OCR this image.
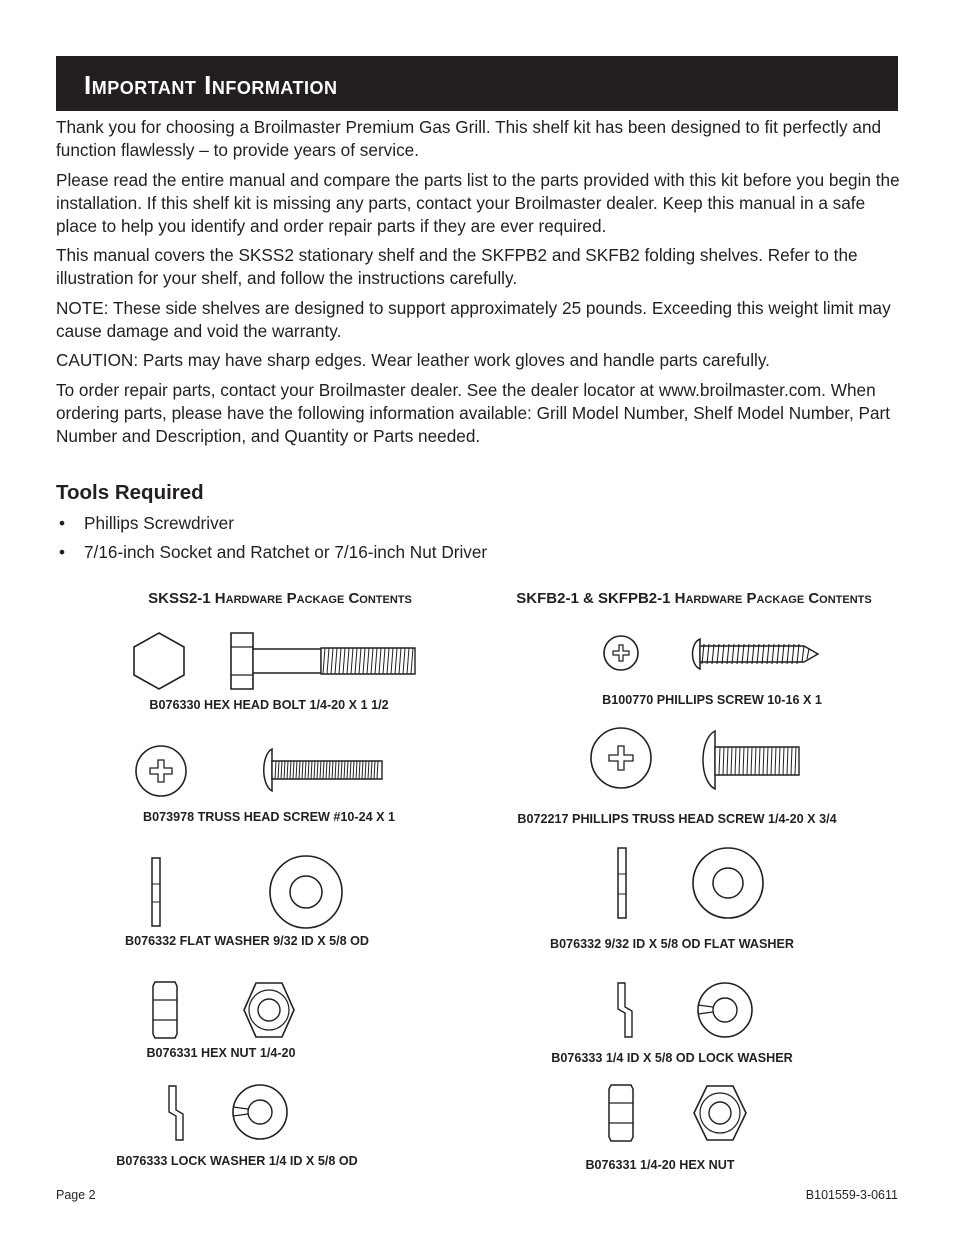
Important Information

Thank you for choosing a Broilmaster Premium Gas Grill. This shelf kit has been designed to fit perfectly and function flawlessly – to provide years of service.

Please read the entire manual and compare the parts list to the parts provided with this kit before you begin the installation. If this shelf kit is missing any parts, contact your Broilmaster dealer. Keep this manual in a safe place to help you identify and order repair parts if they are ever required.

This manual covers the SKSS2 stationary shelf and the SKFPB2 and SKFB2 folding shelves. Refer to the illustration for your shelf, and follow the instructions carefully.

NOTE: These side shelves are designed to support approximately 25 pounds. Exceeding this weight limit may cause damage and void the warranty.

CAUTION: Parts may have sharp edges. Wear leather work gloves and handle parts carefully.

To order repair parts, contact your Broilmaster dealer. See the dealer locator at www.broilmaster.com. When ordering parts, please have the following information available: Grill Model Number, Shelf Model Number, Part Number and Description, and Quantity or Parts needed.

Tools Required
• Phillips Screwdriver
• 7/16-inch Socket and Ratchet or 7/16-inch Nut Driver
SKSS2-1 Hardware Package Contents	SKFB2-1 & SKFPB2-1 Hardware Package Contents
B076330 HEX HEAD BOLT 1/4-20 X 1 1/2
B073978 TRUSS HEAD SCREW #10-24 X 1
B076332 FLAT WASHER 9/32 ID X 5/8 OD
B076331 HEX NUT 1/4-20
B076333 LOCK WASHER 1/4 ID X 5/8 OD
B100770 PHILLIPS SCREW 10-16 X 1
B072217 PHILLIPS TRUSS HEAD SCREW 1/4-20 X 3/4
B076332 9/32 ID X 5/8 OD FLAT WASHER
B076333 1/4 ID X 5/8 OD LOCK WASHER
B076331 1/4-20 HEX NUT
Page 2	B101559-3-0611
